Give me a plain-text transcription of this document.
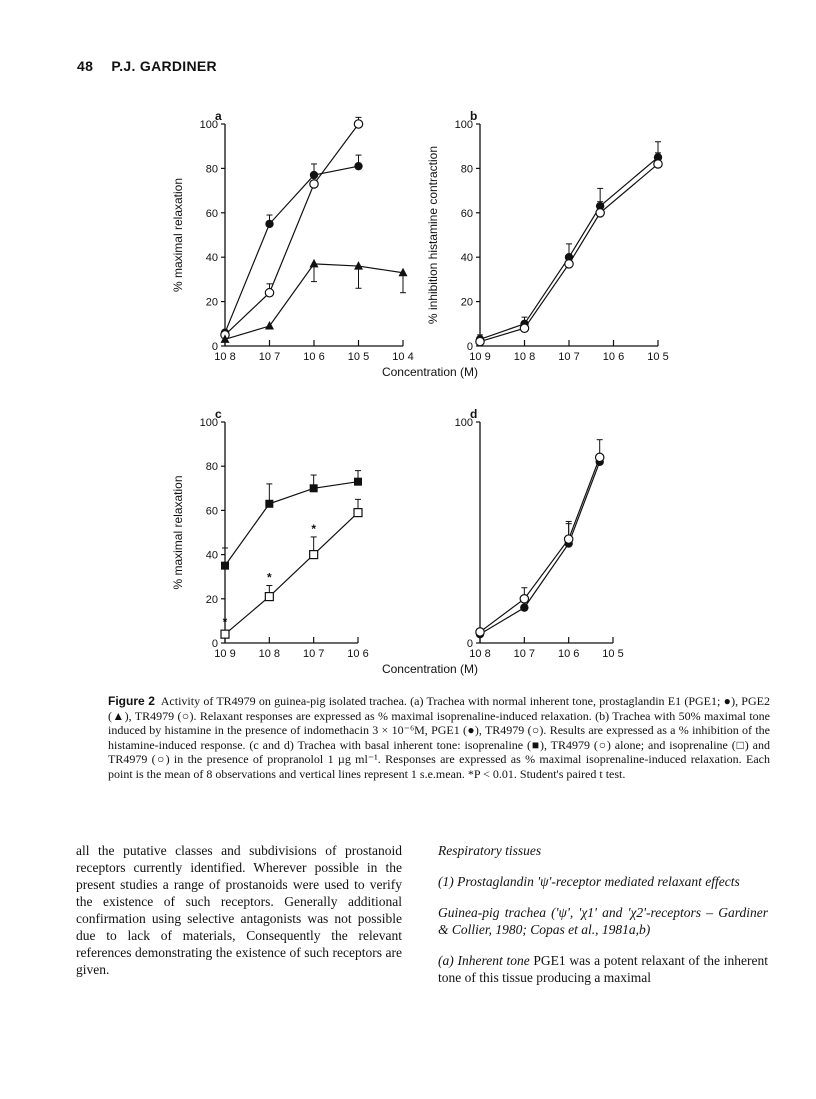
48 P.J. GARDINER
a
0
20
40
60
80
100
10 8 10 7 10 6 10 5 10 4
% maximal relaxation
b
0
20
40
60
80
100
10 9 10 8 10 7 10 6 10 5
% inhibition histamine contraction
c
0
20
40
60
80
100
10 9 10 8 10 7 10 6
% maximal relaxation
*
*
*
d
0
100
10 8 10 7 10 6 10 5
Concentration (M)
Concentration (M)
Figure 2 Activity of TR4979 on guinea-pig isolated trachea. (a) Trachea with normal inherent tone, prostaglandin E1 (PGE1; ●), PGE2 (▲), TR4979 (○). Relaxant responses are expressed as % maximal isoprenaline-induced relaxation. (b) Trachea with 50% maximal tone induced by histamine in the presence of indomethacin 3 × 10⁻⁶M, PGE1 (●), TR4979 (○). Results are expressed as a % inhibition of the histamine-induced response. (c and d) Trachea with basal inherent tone: isoprenaline (■), TR4979 (○) alone; and isoprenaline (□) and TR4979 (○) in the presence of propranolol 1 µg ml⁻¹. Responses are expressed as % maximal isoprenaline-induced relaxation. Each point is the mean of 8 observations and vertical lines represent 1 s.e.mean. *P < 0.01. Student's paired t test.

all the putative classes and subdivisions of prostanoid receptors currently identified. Wherever possible in the present studies a range of prostanoids were used to verify the existence of such receptors. Generally additional confirmation using selective antagonists was not possible due to lack of materials, Consequently the relevant references demonstrating the existence of such receptors are given.

Respiratory tissues

(1) Prostaglandin 'ψ'-receptor mediated relaxant effects

Guinea-pig trachea ('ψ', 'χ1' and 'χ2'-receptors – Gardiner & Collier, 1980; Copas et al., 1981a,b)

(a) Inherent tone PGE1 was a potent relaxant of the inherent tone of this tissue producing a maximal
